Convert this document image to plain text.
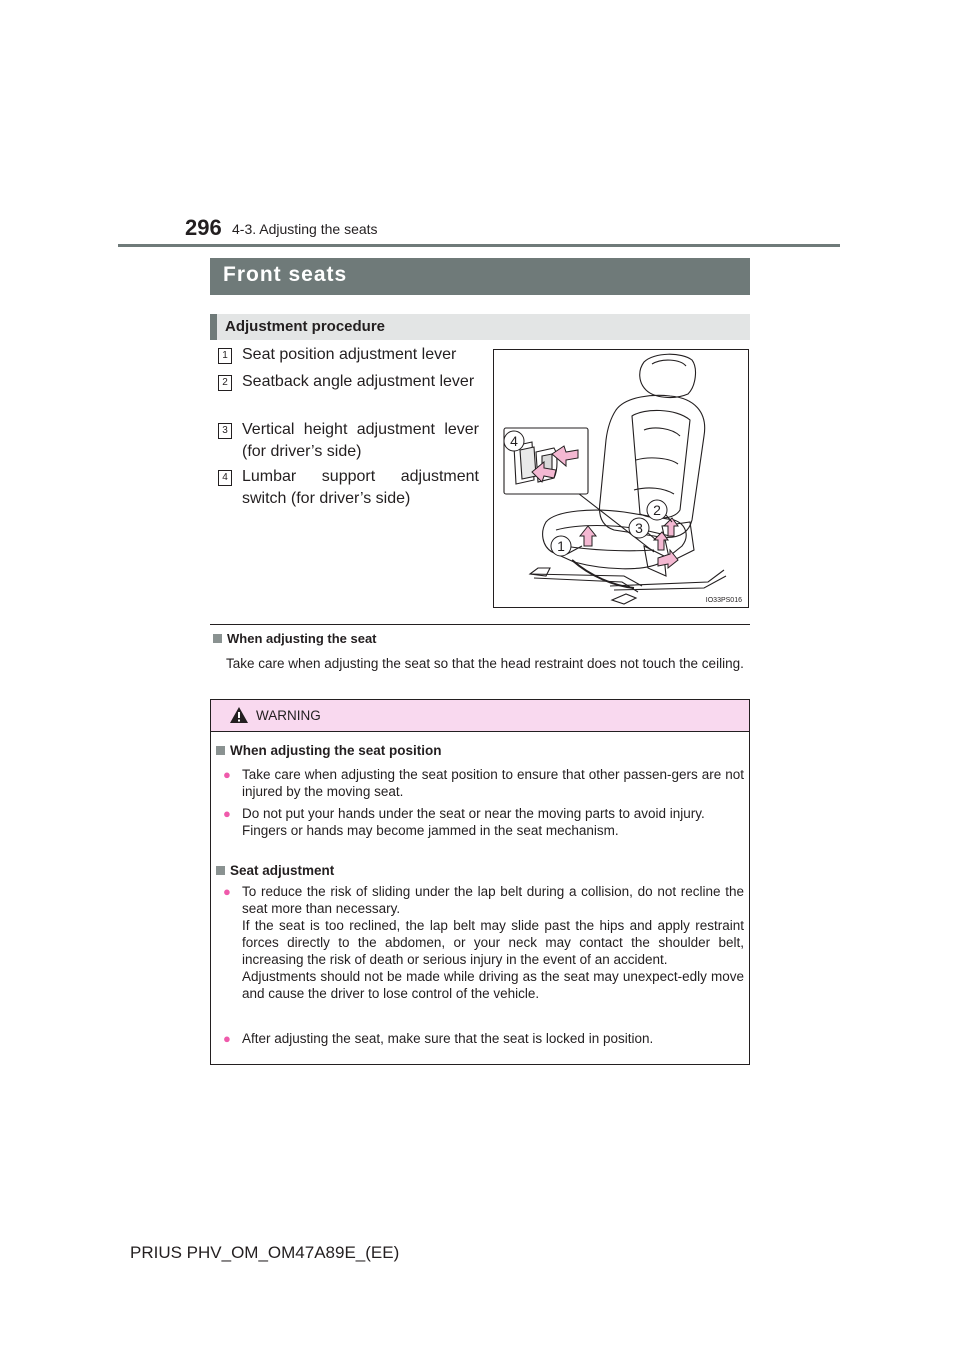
296 4-3. Adjusting the seats
Front seats
Adjustment procedure
1 Seat position adjustment lever
2 Seatback angle adjustment lever
3 Vertical height adjustment lever (for driver’s side)
4 Lumbar support adjustment switch (for driver’s side)
4
2
3
1
IO33PS016
When adjusting the seat
Take care when adjusting the seat so that the head restraint does not touch the ceiling.
WARNING
When adjusting the seat position
● Take care when adjusting the seat position to ensure that other passen-gers are not injured by the moving seat.
● Do not put your hands under the seat or near the moving parts to avoid injury.
Fingers or hands may become jammed in the seat mechanism.
Seat adjustment
● To reduce the risk of sliding under the lap belt during a collision, do not recline the seat more than necessary.
If the seat is too reclined, the lap belt may slide past the hips and apply restraint forces directly to the abdomen, or your neck may contact the shoulder belt, increasing the risk of death or serious injury in the event of an accident.
Adjustments should not be made while driving as the seat may unexpect-edly move and cause the driver to lose control of the vehicle.
● After adjusting the seat, make sure that the seat is locked in position.
PRIUS PHV_OM_OM47A89E_(EE)
